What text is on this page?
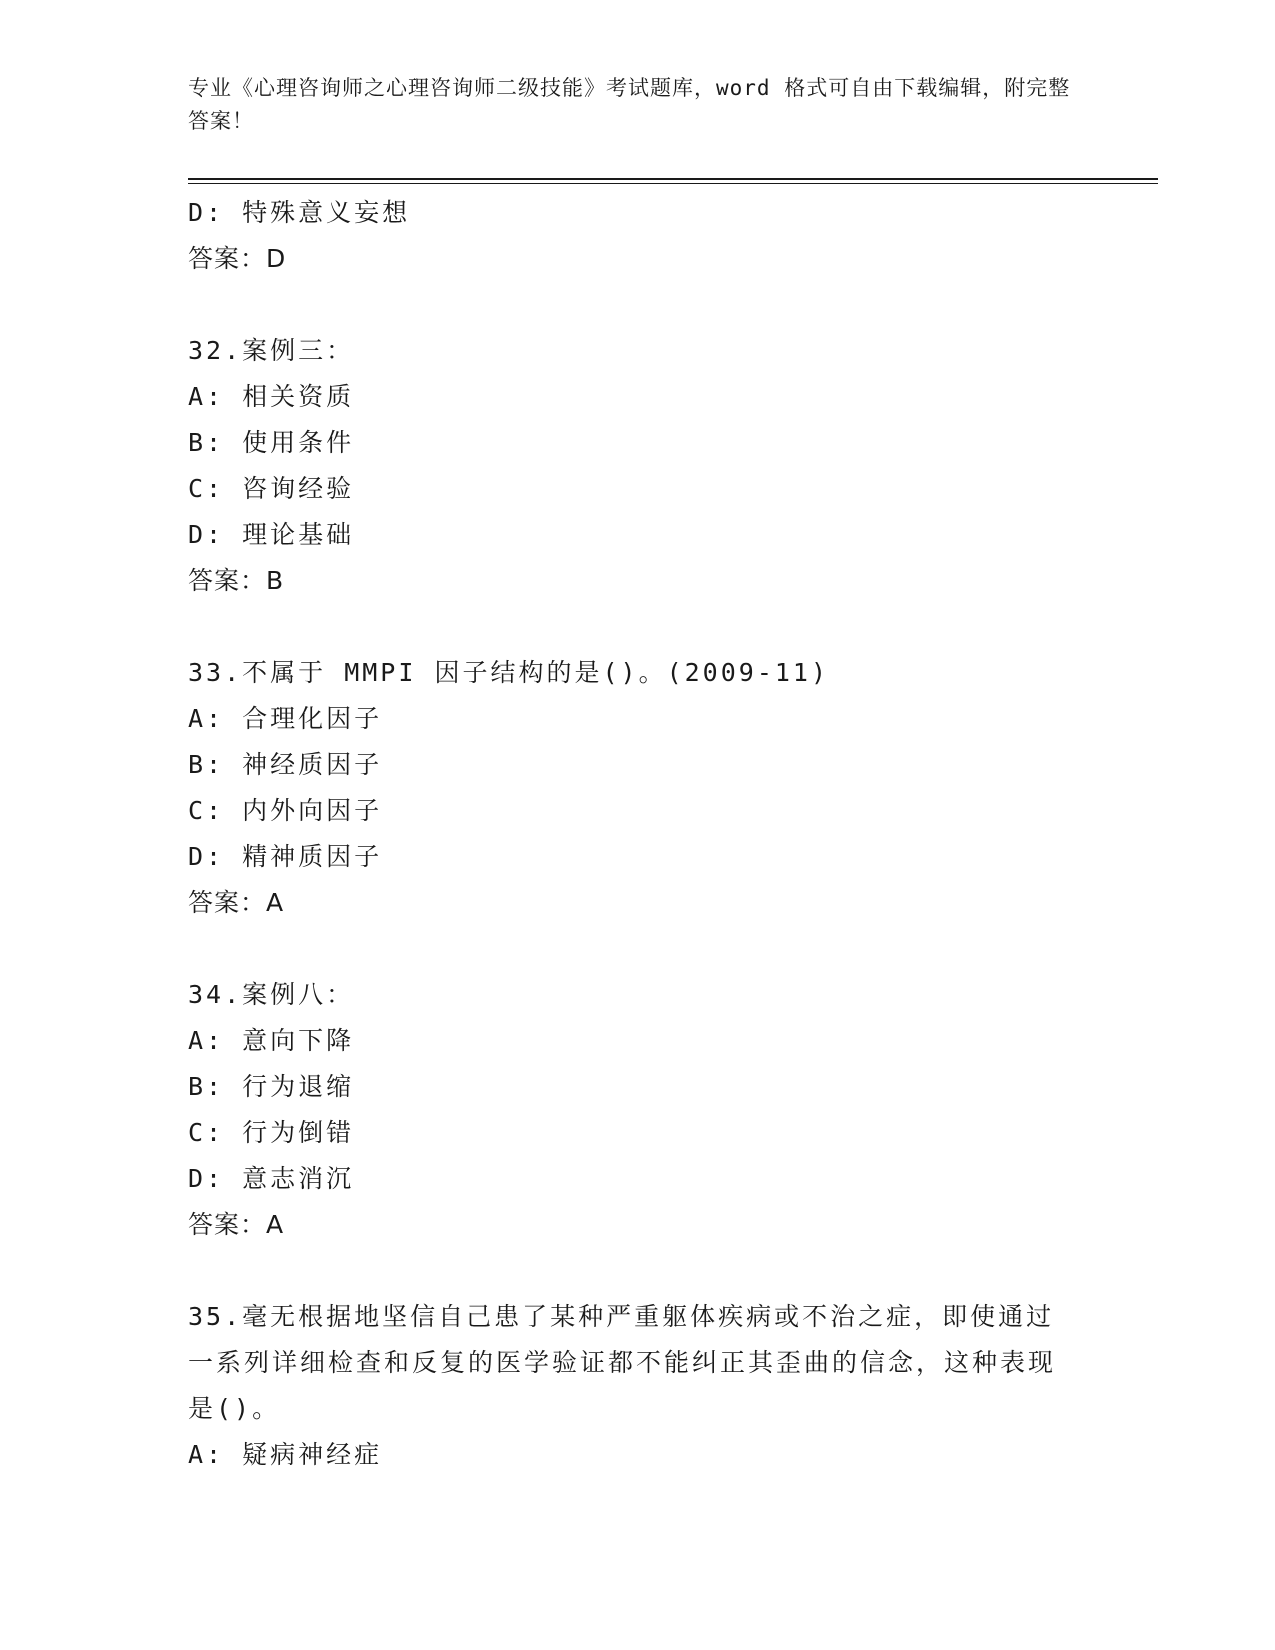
专业《心理咨询师之心理咨询师二级技能》考试题库，word 格式可自由下载编辑，附完整答案！
D: 特殊意义妄想
答案：D
32.案例三：
A: 相关资质
B: 使用条件
C: 咨询经验
D: 理论基础
答案：B
33.不属于 MMPI 因子结构的是()。(2009-11)
A: 合理化因子
B: 神经质因子
C: 内外向因子
D: 精神质因子
答案：A
34.案例八：
A: 意向下降
B: 行为退缩
C: 行为倒错
D: 意志消沉
答案：A
35.毫无根据地坚信自己患了某种严重躯体疾病或不治之症，即使通过一系列详细检查和反复的医学验证都不能纠正其歪曲的信念，这种表现是()。
A: 疑病神经症
